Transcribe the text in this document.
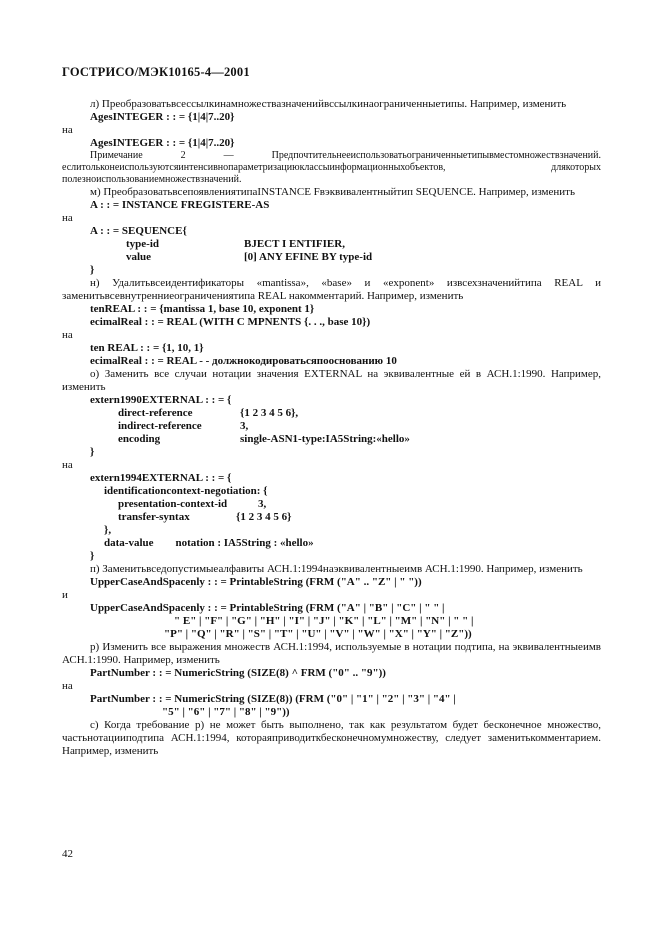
ГОСТРИСО/МЭК10165-4—2001

л) Преобразоватьвсессылкинамножествазначенийвссылкинаограниченныетипы. Например, изменить

AgesINTEGER : : = {1|4|7..20}

на

AgesINTEGER : : = {1|4|7..20}

Примечание 2 — Предпочтительнееиспользоватьограниченныетипывместомножествзначений. еслитольконеиспользуютсяинтенсивнопараметризациюклассыинформационныхобъектов, длякоторых полезноиспользованиемножествзначений.

м) ПреобразоватьвсепоявлениятипаINSTANCE Fвэквивалентныйтип SEQUENCE. Например, изменить

A : : = INSTANCE FREGISTERE-AS

на

A : : = SEQUENCE{

type-id	BJECT I ENTIFIER,
value	[0] ANY EFINE BY type-id

}

н) Удалитьвсеидентификаторы «mantissa», «base» и «exponent» извсехзначенийтипа REAL и заменитьвсевнутренниеограничениятипа REAL накомментарий. Например, изменить

tenREAL : : = {mantissa 1, base 10, exponent 1}

ecimalReal : : = REAL (WITH C MPNENTS {. . ., base 10})

на

ten REAL : : = {1, 10, 1}

ecimalReal : : = REAL - - должнокодироватьсяпооснованию 10

о) Заменить все случаи нотации значения EXTERNAL на эквивалентные ей в АСН.1:1990. Например, изменить

extern1990EXTERNAL : : = {

direct-reference	{1 2 3 4 5 6},
indirect-reference	3,
encoding	single-ASN1-type:IA5String:«hello»

}

на

extern1994EXTERNAL : : = {

identificationcontext-negotiation: {

presentation-context-id	3,
transfer-syntax	{1 2 3 4 5 6}

},

data-value        notation : IA5String : «hello»

}

п) Заменитьвседопустимыеалфавиты АСН.1:1994наэквивалентныеимв АСН.1:1990. Например, изменить

UpperCaseAndSpacenly : : = PrintableString (FRM ("A" .. "Z" | " "))

и

UpperCaseAndSpacenly : : = PrintableString (FRM ("A" | "B" | "C" | " " |

" E" | "F" | "G" | "H" | "I" | "J" | "K" | "L" | "M" | "N" | " " |

"P" | "Q" | "R" | "S" | "T" | "U" | "V" | "W" | "X" | "Y" | "Z"))

р) Изменить все выражения множеств АСН.1:1994, используемые в нотации подтипа, на эквивалентныеимв АСН.1:1990. Например, изменить

PartNumber : : = NumericString (SIZE(8) ^ FRM ("0" .. "9"))

на

PartNumber : : = NumericString (SIZE(8)) (FRM ("0" | "1" | "2" | "3" | "4" |

"5" | "6" | "7" | "8" | "9"))

с) Когда требование р) не может быть выполнено, так как результатом будет бесконечное множество, частьнотацииподтипа АСН.1:1994, котораяприводиткбесконечномумножеству, следует заменитькомментарием. Например, изменить

42
